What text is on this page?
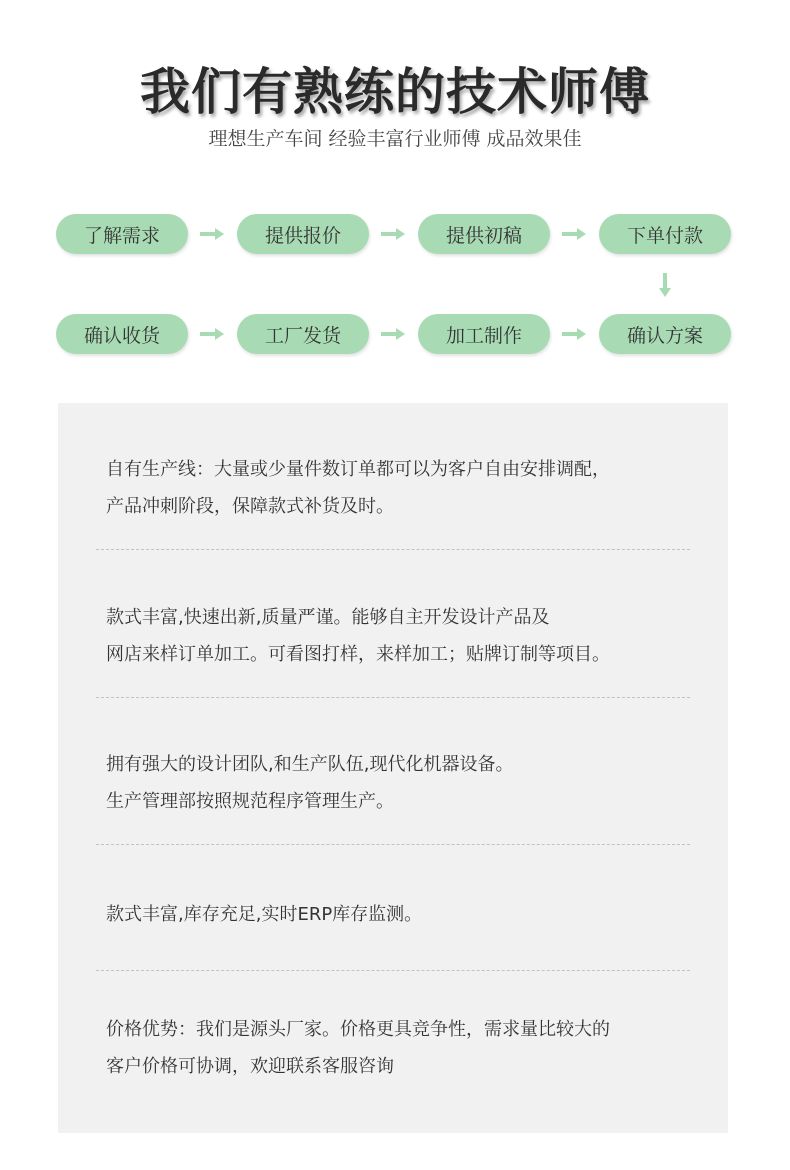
我们有熟练的技术师傅
理想生产车间 经验丰富行业师傅 成品效果佳
了解需求	提供报价	提供初稿	下单付款
确认收货	工厂发货	加工制作	确认方案
自有生产线：大量或少量件数订单都可以为客户自由安排调配，
产品冲刺阶段，保障款式补货及时。
款式丰富,快速出新,质量严谨。能够自主开发设计产品及
网店来样订单加工。可看图打样，来样加工；贴牌订制等项目。
拥有强大的设计团队,和生产队伍,现代化机器设备。
生产管理部按照规范程序管理生产。
款式丰富,库存充足,实时ERP库存监测。
价格优势：我们是源头厂家。价格更具竞争性，需求量比较大的
客户价格可协调，欢迎联系客服咨询
